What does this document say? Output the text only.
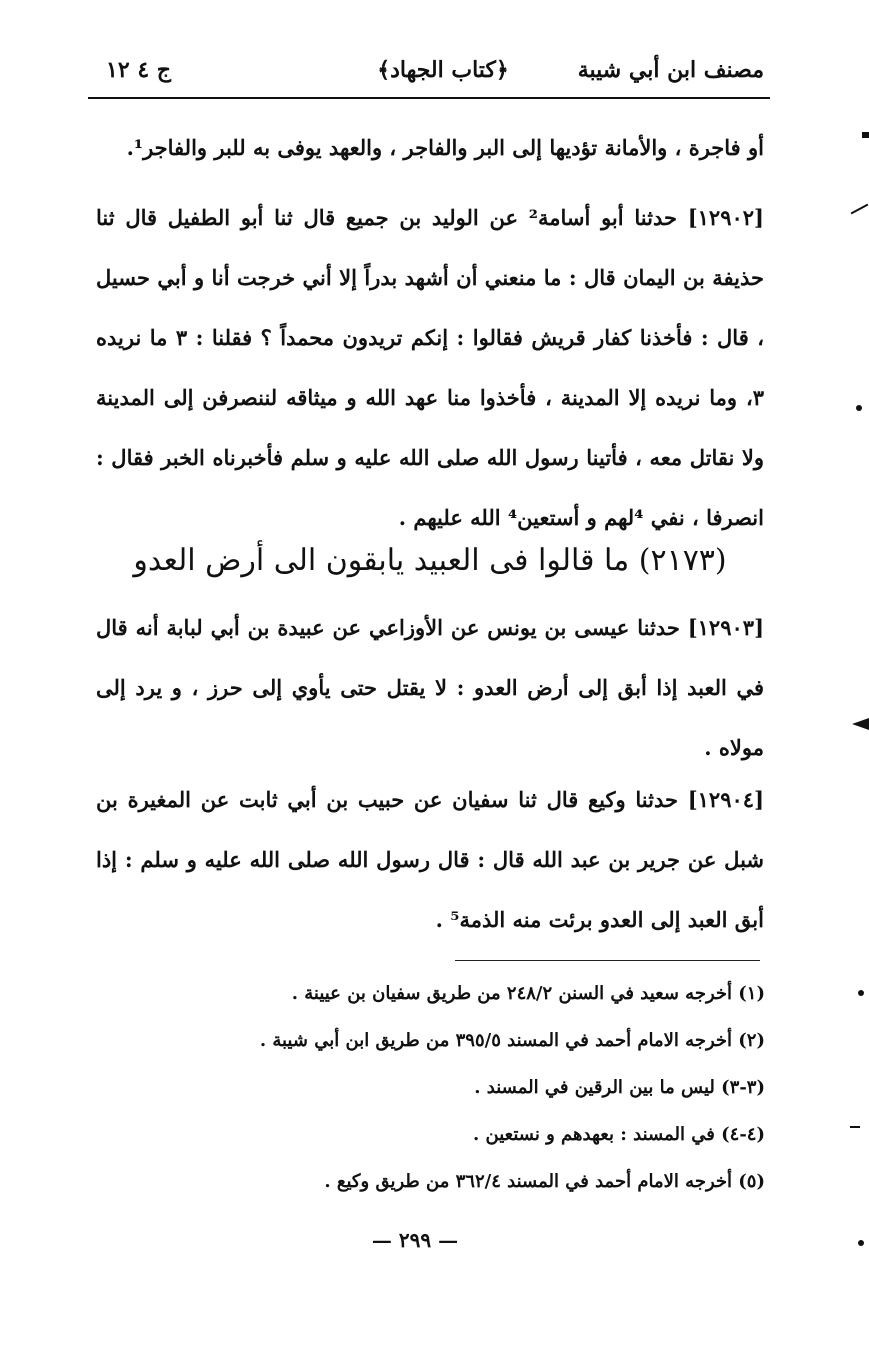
مصنف ابن أبي شيبة
﴿كتاب الجهاد﴾
ج ٤ ١٢
أو فاجرة ، والأمانة تؤديها إلى البر والفاجر ، والعهد يوفى به للبر والفاجر¹.
[١٢٩٠٢] حدثنا أبو أسامة² عن الوليد بن جميع قال ثنا أبو الطفيل قال ثنا حذيفة بن اليمان قال : ما منعني أن أشهد بدراً إلا أني خرجت أنا و أبي حسيل ، قال : فأخذنا كفار قريش فقالوا : إنكم تريدون محمداً ؟ فقلنا : ٣ ما نريده ٣، وما نريده إلا المدينة ، فأخذوا منا عهد الله و ميثاقه لننصرفن إلى المدينة ولا نقاتل معه ، فأتينا رسول الله صلى الله عليه و سلم فأخبرناه الخبر فقال : انصرفا ، نفي ⁴لهم و أستعين⁴ الله عليهم .
(٢١٧٣) ما قالوا فى العبيد يابقون الى أرض العدو
[١٢٩٠٣] حدثنا عيسى بن يونس عن الأوزاعي عن عبيدة بن أبي لبابة أنه قال في العبد إذا أبق إلى أرض العدو : لا يقتل حتى يأوي إلى حرز ، و يرد إلى مولاه .
[١٢٩٠٤] حدثنا وكيع قال ثنا سفيان عن حبيب بن أبي ثابت عن المغيرة بن شبل عن جرير بن عبد الله قال : قال رسول الله صلى الله عليه و سلم : إذا أبق العبد إلى العدو برئت منه الذمة⁵ .
(١) أخرجه سعيد في السنن ٢٤٨/٢ من طريق سفيان بن عيينة .
(٢) أخرجه الامام أحمد في المسند ٣٩٥/٥ من طريق ابن أبي شيبة .
(٣-٣) ليس ما بين الرقين في المسند .
(٤-٤) في المسند : بعهدهم و نستعين .
(٥) أخرجه الامام أحمد في المسند ٣٦٢/٤ من طريق وكيع .
— ٢٩٩ —
